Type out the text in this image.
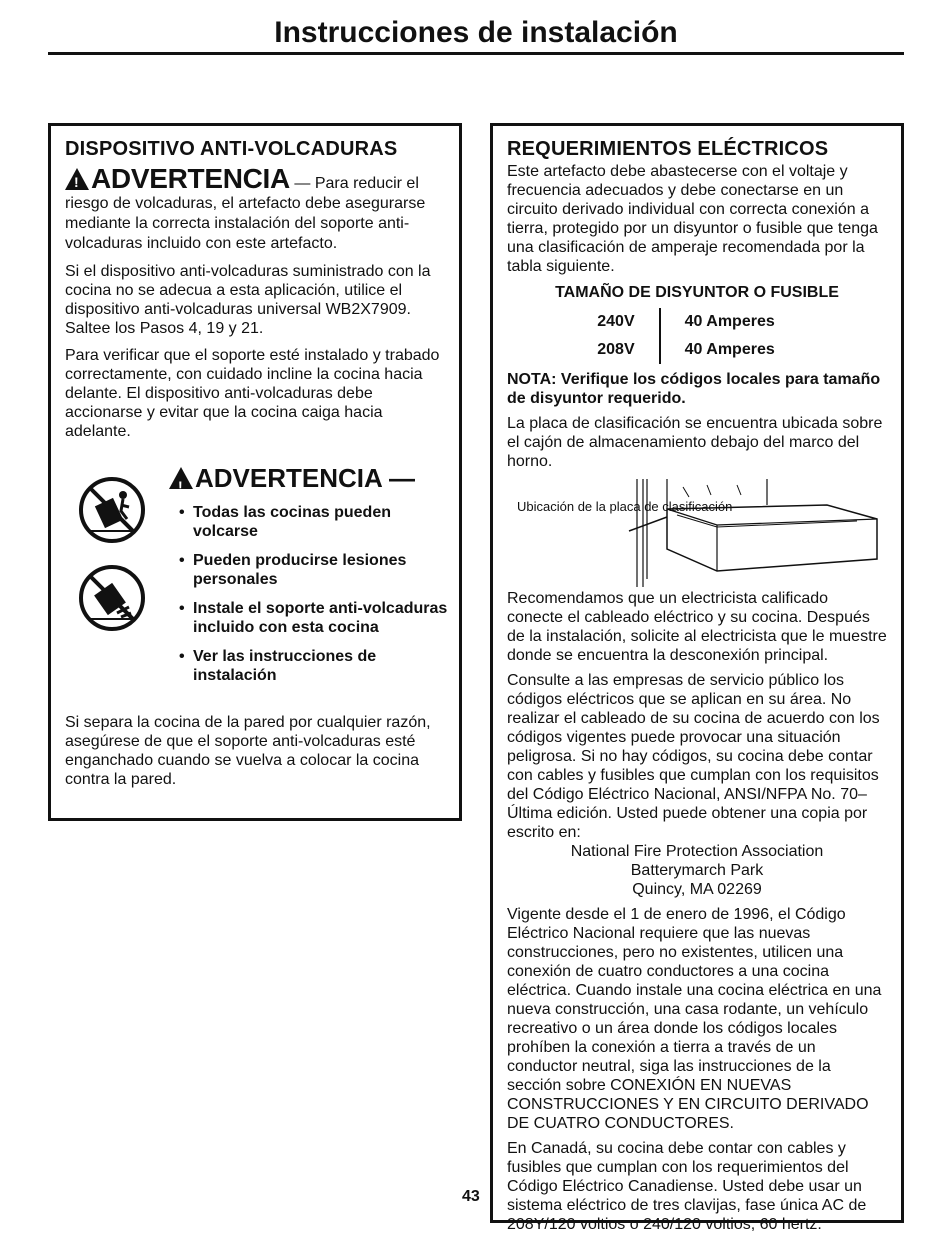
Instrucciones de instalación
DISPOSITIVO ANTI-VOLCADURAS

!ADVERTENCIA — Para reducir el riesgo de volcaduras, el artefacto debe asegurarse mediante la correcta instalación del soporte anti-volcaduras incluido con este artefacto.

Si el dispositivo anti-volcaduras suministrado con la cocina no se adecua a esta aplicación, utilice el dispositivo anti-volcaduras universal WB2X7909. Saltee los Pasos 4, 19 y 21.

Para verificar que el soporte esté instalado y trabado correctamente, con cuidado incline la cocina hacia delante. El dispositivo anti-volcaduras debe accionarse y evitar que la cocina caiga hacia adelante.

!ADVERTENCIA —
• Todas las cocinas pueden volcarse
• Pueden producirse lesiones personales
• Instale el soporte anti-volcaduras incluido con esta cocina
• Ver las instrucciones de instalación

Si separa la cocina de la pared por cualquier razón, asegúrese de que el soporte anti-volcaduras esté enganchado cuando se vuelva a colocar la cocina contra la pared.

REQUERIMIENTOS ELÉCTRICOS

Este artefacto debe abastecerse con el voltaje y frecuencia adecuados y debe conectarse en un circuito derivado individual con correcta conexión a tierra, protegido por un disyuntor o fusible que tenga una clasificación de amperaje recomendada por la tabla siguiente.

TAMAÑO DE DISYUNTOR O FUSIBLE
240V	40 Amperes
208V	40 Amperes

NOTA: Verifique los códigos locales para tamaño de disyuntor requerido.

La placa de clasificación se encuentra ubicada sobre el cajón de almacenamiento debajo del marco del horno.

Ubicación de la placa de clasificación

Recomendamos que un electricista calificado conecte el cableado eléctrico y su cocina. Después de la instalación, solicite al electricista que le muestre donde se encuentra la desconexión principal.

Consulte a las empresas de servicio público los códigos eléctricos que se aplican en su área. No realizar el cableado de su cocina de acuerdo con los códigos vigentes puede provocar una situación peligrosa. Si no hay códigos, su cocina debe contar con cables y fusibles que cumplan con los requisitos del Código Eléctrico Nacional, ANSI/NFPA No. 70–Última edición. Usted puede obtener una copia por escrito en:

National Fire Protection Association

Batterymarch Park

Quincy, MA 02269

Vigente desde el 1 de enero de 1996, el Código Eléctrico Nacional requiere que las nuevas construcciones, pero no existentes, utilicen una conexión de cuatro conductores a una cocina eléctrica. Cuando instale una cocina eléctrica en una nueva construcción, una casa rodante, un vehículo recreativo o un área donde los códigos locales prohíben la conexión a tierra a través de un conductor neutral, siga las instrucciones de la sección sobre CONEXIÓN EN NUEVAS CONSTRUCCIONES Y EN CIRCUITO DERIVADO DE CUATRO CONDUCTORES.

En Canadá, su cocina debe contar con cables y fusibles que cumplan con los requerimientos del Código Eléctrico Canadiense. Usted debe usar un sistema eléctrico de tres clavijas, fase única AC de 208Y/120 voltios o 240/120 voltios, 60 hertz.

43
